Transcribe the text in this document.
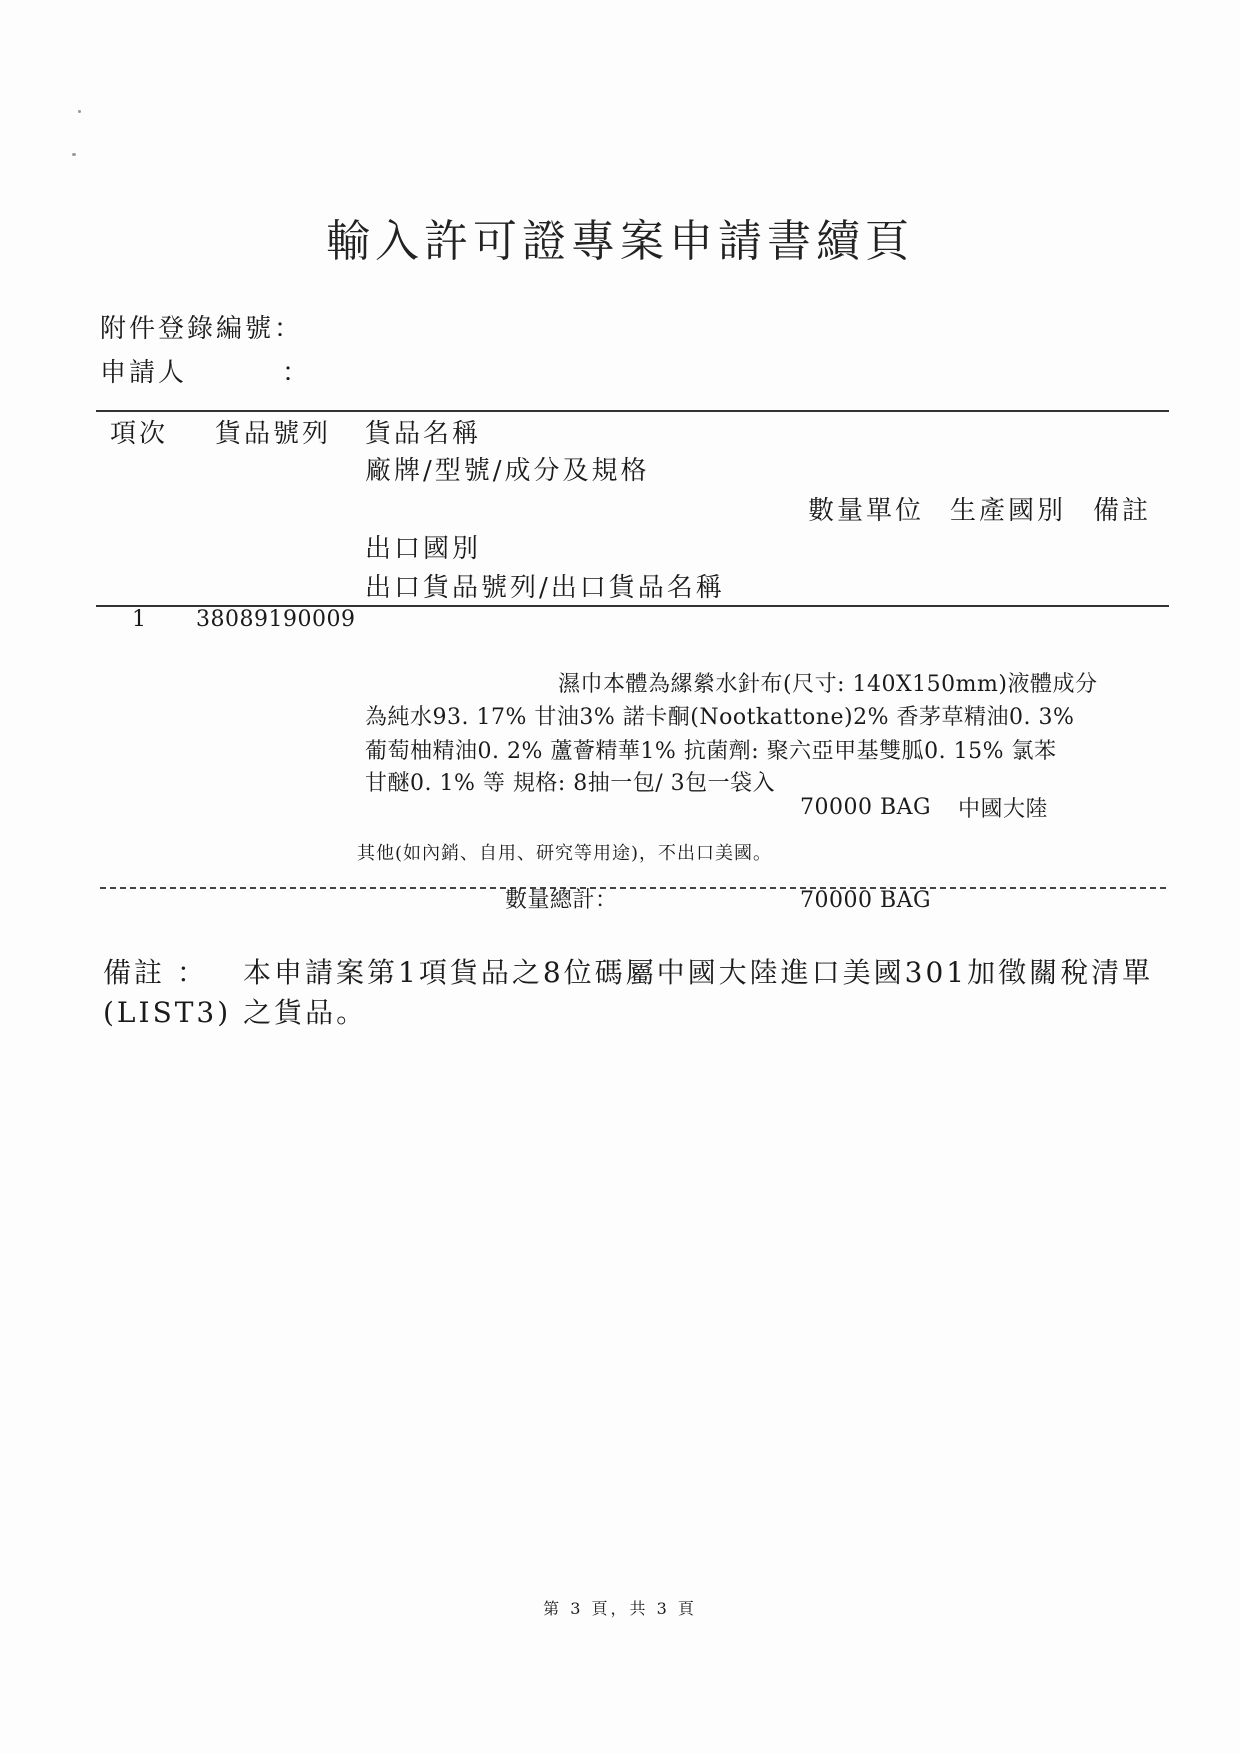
輸入許可證專案申請書續頁
附件登錄編號：
申請人	：
項次 貨品號列 貨品名稱
廠牌/型號/成分及規格
數量單位 生產國別 備註
出口國別
出口貨品號列/出口貨品名稱
1 38089190009
濕巾本體為縲縈水針布(尺寸: 140X150mm)液體成分
為純水93. 17% 甘油3% 諾卡酮(Nootkattone)2% 香茅草精油0. 3%
葡萄柚精油0. 2% 蘆薈精華1% 抗菌劑: 聚六亞甲基雙胍0. 15% 氯苯
甘醚0. 1% 等 規格: 8抽一包/ 3包一袋入
70000 BAG 中國大陸
其他(如內銷、自用、研究等用途)，不出口美國。
數量總計：	70000 BAG
備註 ： 本申請案第1項貨品之8位碼屬中國大陸進口美國301加徵關稅清單
(LIST3) 之貨品。
第 3 頁，共 3 頁
